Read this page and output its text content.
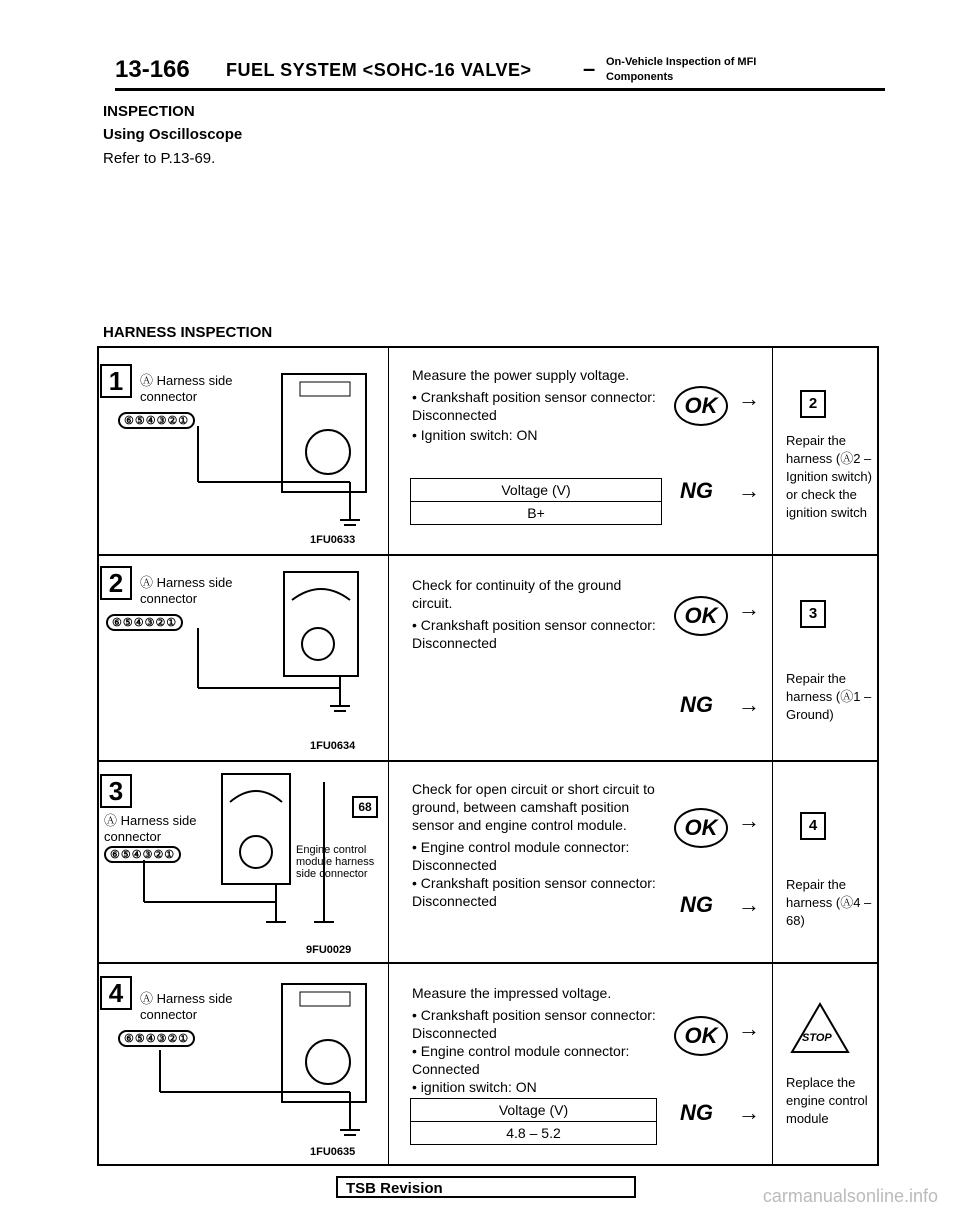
13-166 FUEL SYSTEM <SOHC-16 VALVE> – On-Vehicle Inspection of MFI
Components
INSPECTION
Using Oscilloscope
Refer to P.13-69.
HARNESS INSPECTION
1	Ⓐ Harness side connector
⑥⑤④③②①
1FU0633
Measure the power supply voltage.
• Crankshaft position sensor connector: Disconnected
• Ignition switch: ON
Voltage (V)
B+
OK →	2
NG →
Repair the harness (Ⓐ2 – Ignition switch) or check the ignition switch
2	Ⓐ Harness side connector
⑥⑤④③②①
1FU0634
Check for continuity of the ground circuit.
• Crankshaft position sensor connector: Disconnected
OK →	3
NG →
Repair the harness (Ⓐ1 – Ground)
3
Ⓐ Harness side connector
⑥⑤④③②①
68
Engine control module harness side connector
9FU0029
Check for open circuit or short circuit to ground, between camshaft position sensor and engine control module.
• Engine control module connector: Disconnected
• Crankshaft position sensor connector: Disconnected
OK →	4
NG →
Repair the harness (Ⓐ4 – 68)
4	Ⓐ Harness side connector
⑥⑤④③②①
1FU0635
Measure the impressed voltage.
• Crankshaft position sensor connector: Disconnected
• Engine control module connector: Connected
• ignition switch: ON
Voltage (V)
4.8 – 5.2
OK →	STOP
NG →
Replace the engine control module
TSB Revision	carmanualsonline.info
